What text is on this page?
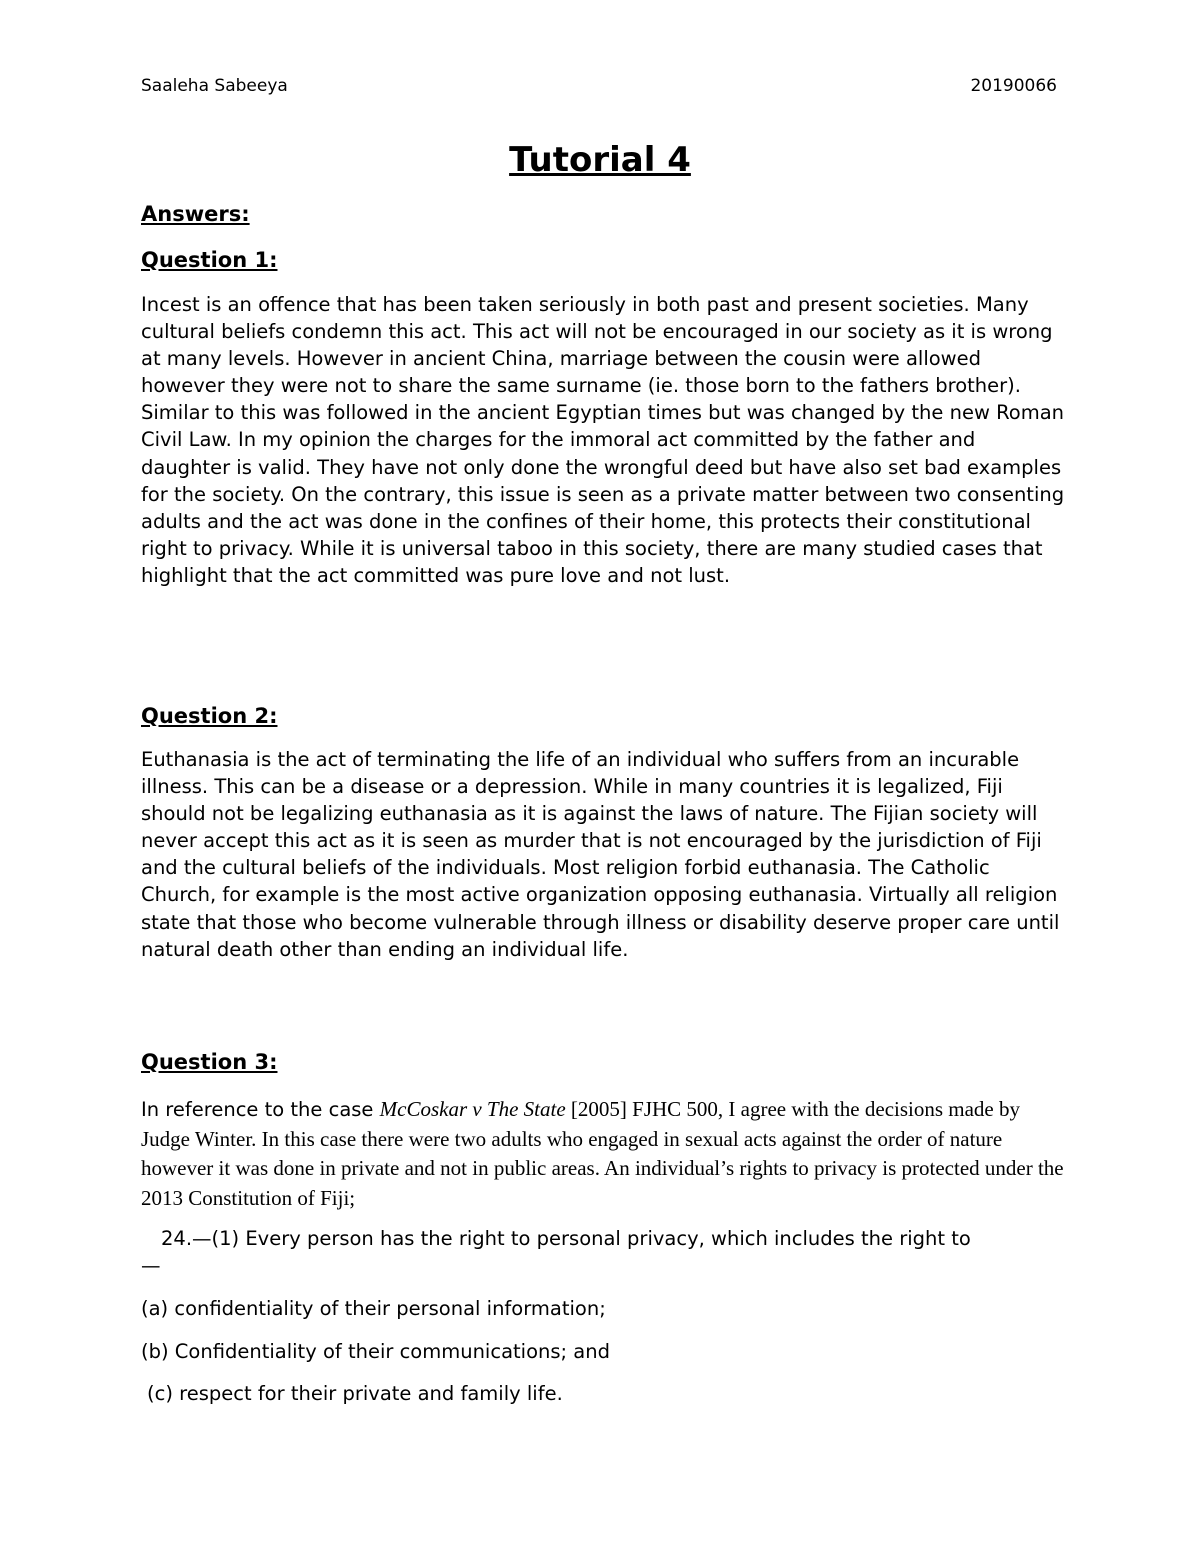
Saaleha Sabeeya	20190066
Tutorial 4
Answers:
Question 1:

Incest is an offence that has been taken seriously in both past and present societies. Many cultural beliefs condemn this act. This act will not be encouraged in our society as it is wrong at many levels. However in ancient China, marriage between the cousin were allowed however they were not to share the same surname (ie. those born to the fathers brother). Similar to this was followed in the ancient Egyptian times but was changed by the new Roman Civil Law. In my opinion the charges for the immoral act committed by the father and daughter is valid. They have not only done the wrongful deed but have also set bad examples for the society. On the contrary, this issue is seen as a private matter between two consenting adults and the act was done in the confines of their home, this protects their constitutional right to privacy. While it is universal taboo in this society, there are many studied cases that highlight that the act committed was pure love and not lust.

Question 2:

Euthanasia is the act of terminating the life of an individual who suffers from an incurable illness. This can be a disease or a depression. While in many countries it is legalized, Fiji should not be legalizing euthanasia as it is against the laws of nature. The Fijian society will never accept this act as it is seen as murder that is not encouraged by the jurisdiction of Fiji and the cultural beliefs of the individuals. Most religion forbid euthanasia. The Catholic Church, for example is the most active organization opposing euthanasia. Virtually all religion state that those who become vulnerable through illness or disability deserve proper care until natural death other than ending an individual life.

Question 3:

In reference to the case McCoskar v The State [2005] FJHC 500, I agree with the decisions made by Judge Winter. In this case there were two adults who engaged in sexual acts against the order of nature however it was done in private and not in public areas. An individual’s rights to privacy is protected under the 2013 Constitution of Fiji;

24.—(1) Every person has the right to personal privacy, which includes the right to
—
(a) confidentiality of their personal information;
(b) Confidentiality of their communications; and
(c) respect for their private and family life.
